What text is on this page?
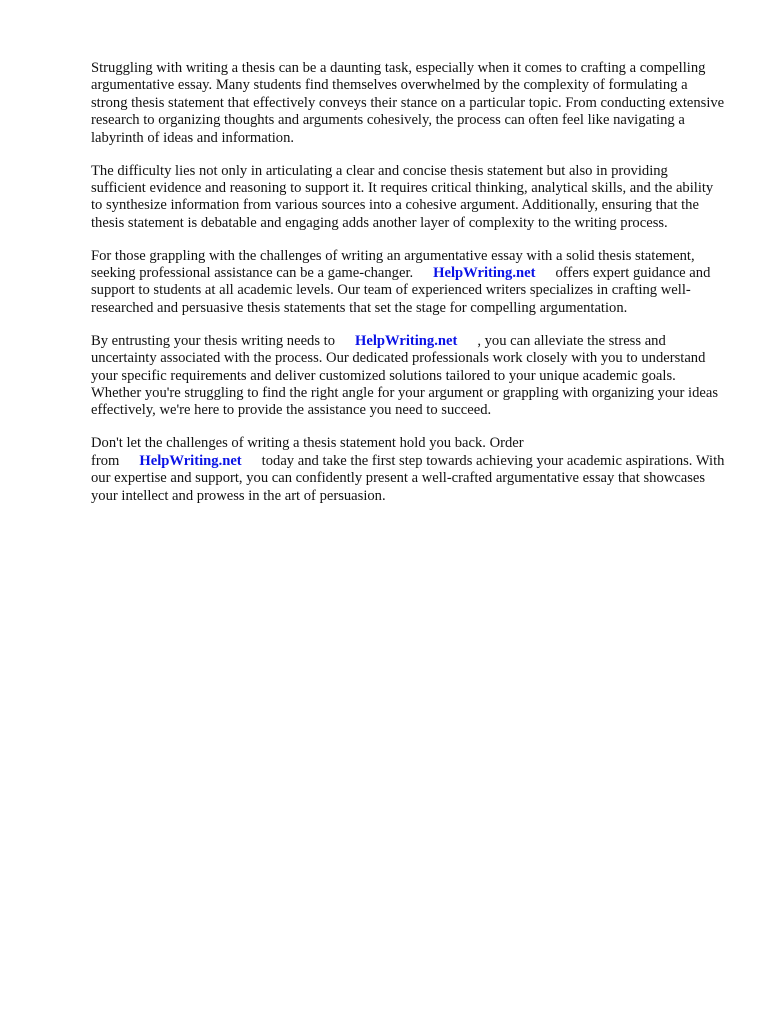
Struggling with writing a thesis can be a daunting task, especially when it comes to crafting a compelling argumentative essay. Many students find themselves overwhelmed by the complexity of formulating a strong thesis statement that effectively conveys their stance on a particular topic. From conducting extensive research to organizing thoughts and arguments cohesively, the process can often feel like navigating a labyrinth of ideas and information.

The difficulty lies not only in articulating a clear and concise thesis statement but also in providing sufficient evidence and reasoning to support it. It requires critical thinking, analytical skills, and the ability to synthesize information from various sources into a cohesive argument. Additionally, ensuring that the thesis statement is debatable and engaging adds another layer of complexity to the writing process.

For those grappling with the challenges of writing an argumentative essay with a solid thesis statement, seeking professional assistance can be a game-changer. HelpWriting.net offers expert guidance and support to students at all academic levels. Our team of experienced writers specializes in crafting well-researched and persuasive thesis statements that set the stage for compelling argumentation.

By entrusting your thesis writing needs to HelpWriting.net , you can alleviate the stress and uncertainty associated with the process. Our dedicated professionals work closely with you to understand your specific requirements and deliver customized solutions tailored to your unique academic goals. Whether you're struggling to find the right angle for your argument or grappling with organizing your ideas effectively, we're here to provide the assistance you need to succeed.

Don't let the challenges of writing a thesis statement hold you back. Order from HelpWriting.net today and take the first step towards achieving your academic aspirations. With our expertise and support, you can confidently present a well-crafted argumentative essay that showcases your intellect and prowess in the art of persuasion.
